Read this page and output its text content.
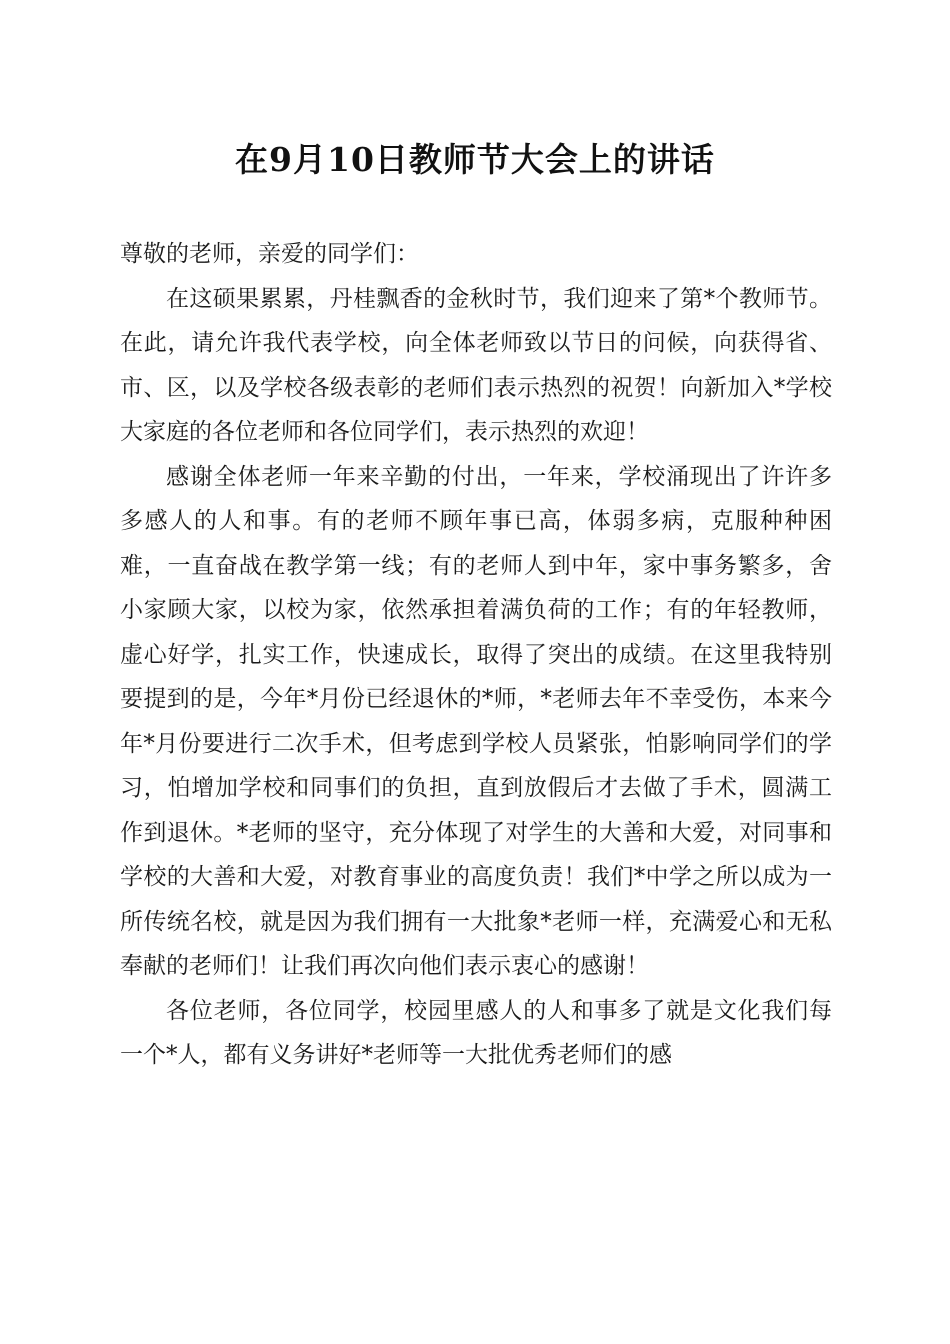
在9月10日教师节大会上的讲话

尊敬的老师，亲爱的同学们：

在这硕果累累，丹桂飘香的金秋时节，我们迎来了第*个教师节。在此，请允许我代表学校，向全体老师致以节日的问候，向获得省、市、区，以及学校各级表彰的老师们表示热烈的祝贺！向新加入*学校大家庭的各位老师和各位同学们，表示热烈的欢迎！

感谢全体老师一年来辛勤的付出，一年来，学校涌现出了许许多多感人的人和事。有的老师不顾年事已高，体弱多病，克服种种困难，一直奋战在教学第一线；有的老师人到中年，家中事务繁多，舍小家顾大家，以校为家，依然承担着满负荷的工作；有的年轻教师，虚心好学，扎实工作，快速成长，取得了突出的成绩。在这里我特别要提到的是，今年*月份已经退休的*师，*老师去年不幸受伤，本来今年*月份要进行二次手术，但考虑到学校人员紧张，怕影响同学们的学习，怕增加学校和同事们的负担，直到放假后才去做了手术，圆满工作到退休。*老师的坚守，充分体现了对学生的大善和大爱，对同事和学校的大善和大爱，对教育事业的高度负责！我们*中学之所以成为一所传统名校，就是因为我们拥有一大批象*老师一样，充满爱心和无私奉献的老师们！让我们再次向他们表示衷心的感谢！

各位老师，各位同学，校园里感人的人和事多了就是文化我们每一个*人，都有义务讲好*老师等一大批优秀老师们的感
